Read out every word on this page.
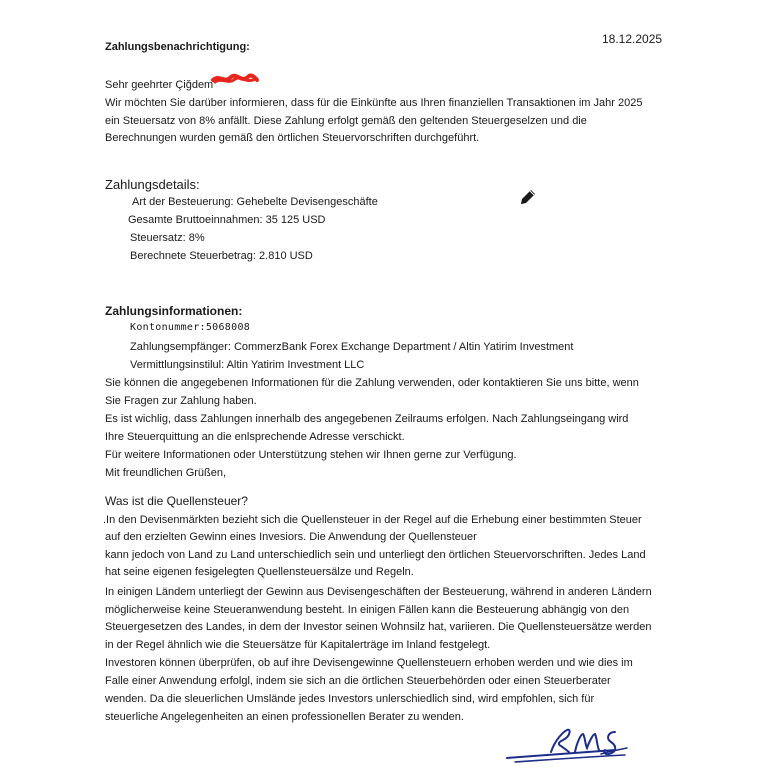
18.12.2025
Zahlungsbenachrichtigung:
Sehr geehrter Çiğdem
Wir möchten Sie darüber informieren, dass für die Einkünfte aus Ihren finanziellen Transaktionen im Jahr 2025
ein Steuersatz von 8% anfällt. Diese Zahlung erfolgt gemäß den geltenden Steuergeselzen und die
Berechnungen wurden gemäß den örtlichen Steuervorschriften durchgeführt.
Zahlungsdetails:
Art der Besteuerung: Gehebelte Devisengeschäfte
Gesamte Bruttoeinnahmen: 35 125 USD
Steuersatz: 8%
Berechnete Steuerbetrag: 2.810 USD
Zahlungsinformationen:
Kontonummer:5068008
Zahlungsempfänger: CommerzBank Forex Exchange Department / Altin Yatirim Investment
Vermittlungsinstilul: Altin Yatirim Investment LLC
Sie können die angegebenen Informationen für die Zahlung verwenden, oder kontaktieren Sie uns bitte, wenn
Sie Fragen zur Zahlung haben.
Es ist wichlig, dass Zahlungen innerhalb des angegebenen Zeilraums erfolgen. Nach Zahlungseingang wird
Ihre Steuerquittung an die enlsprechende Adresse verschickt.
Für weitere Informationen oder Unterstützung stehen wir Ihnen gerne zur Verfügung.
Mit freundlichen Grüßen,
Was ist die Quellensteuer?
.In den Devisenmärkten bezieht sich die Quellensteuer in der Regel auf die Erhebung einer bestimmten Steuer
auf den erzielten Gewinn eines Invesiors. Die Anwendung der Quellensteuer
kann jedoch von Land zu Land unterschiedlich sein und unterliegt den örtlichen Steuervorschriften. Jedes Land
hat seine eigenen fesigelegten Quellensteuersälze und Regeln.
In einigen Ländem unterliegt der Gewinn aus Devisengeschäften der Besteuerung, während in anderen Ländern
möglicherweise keine Steueranwendung besteht. In einigen Fällen kann die Besteuerung abhängig von den
Steuergesetzen des Landes, in dem der Investor seinen Wohnsilz hat, variieren. Die Quellensteuersätze werden
in der Regel ähnlich wie die Steuersätze für Kapitalerträge im Inland festgelegt.
Investoren können überprüfen, ob auf ihre Devisengewinne Quellensteuern erhoben werden und wie dies im
Falle einer Anwendung erfolgl, indem sie sich an die örtlichen Steuerbehörden oder einen Steuerberater
wenden. Da die sleuerlichen Umslände jedes Investors unlerschiedlich sind, wird empfohlen, sich für
steuerliche Angelegenheiten an einen professionellen Berater zu wenden.
